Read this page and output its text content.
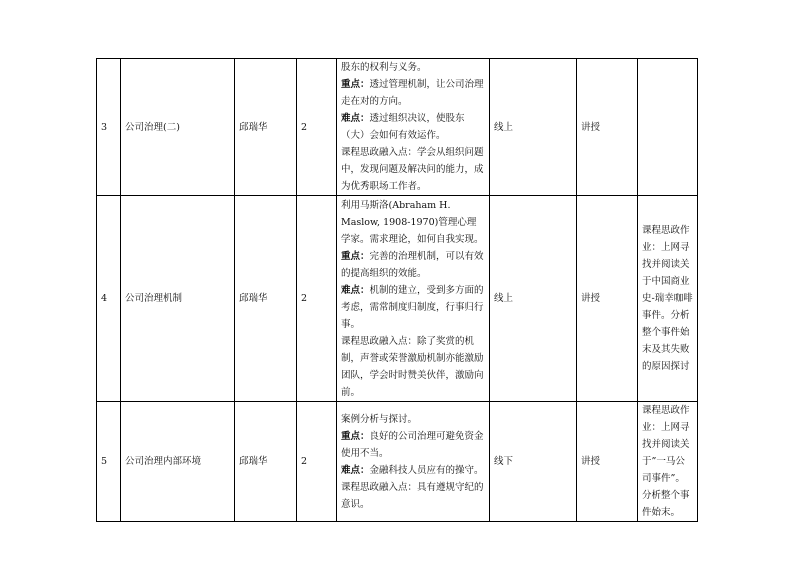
3	公司治理(二)	邱瑞华	2	股东的权利与义务。

重点：透过管理机制，让公司治理走在对的方向。

难点：透过组织决议，使股东（大）会如何有效运作。

课程思政融入点：学会从组织问题中，发现问题及解决问的能力，成为优秀职场工作者。	线上	讲授	
4	公司治理机制	邱瑞华	2	利用马斯洛(Abraham H. Maslow, 1908-1970)管理心理学家。需求理论，如何自我实现。

重点：完善的治理机制，可以有效的提高组织的效能。

难点：机制的建立，受到多方面的考虑，需常制度归制度，行事归行事。

课程思政融入点：除了奖赏的机制，声誉或荣誉激励机制亦能激励团队，学会时时赞美伙伴，激励向前。	线上	讲授	课程思政作业：上网寻找并阅读关于中国商业史-瑞幸咖啡事件。分析整个事件始末及其失败的原因探讨
5	公司治理内部环境	邱瑞华	2	案例分析与探讨。

重点：良好的公司治理可避免资金使用不当。

难点：金融科技人员应有的操守。

课程思政融入点：具有遵规守纪的意识。	线下	讲授	课程思政作业：上网寻找并阅读关于”一马公司事件”。分析整个事件始末。
